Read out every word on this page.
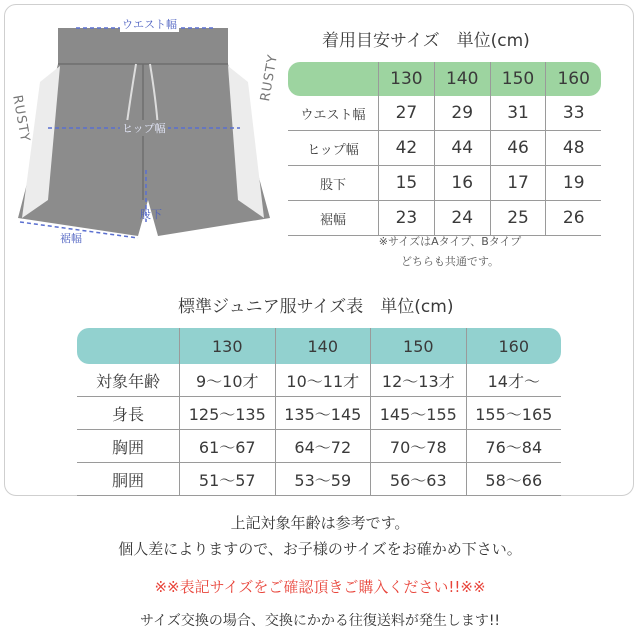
ウエスト幅
ヒップ幅
股下
裾幅
RUSTY
RUSTY
着用目安サイズ　単位(cm)
	130	140	150	160
ウエスト幅	27	29	31	33
ヒップ幅	42	44	46	48
股下	15	16	17	19
裾幅	23	24	25	26
※サイズはAタイプ、Bタイプ
どちらも共通です。
標準ジュニア服サイズ表　単位(cm)
	130	140	150	160
対象年齢	9〜10才	10〜11才	12〜13才	14才〜
身長	125〜135	135〜145	145〜155	155〜165
胸囲	61〜67	64〜72	70〜78	76〜84
胴囲	51〜57	53〜59	56〜63	58〜66
上記対象年齢は参考です。
個人差によりますので、お子様のサイズをお確かめ下さい。
※※表記サイズをご確認頂きご購入ください!!※※
サイズ交換の場合、交換にかかる往復送料が発生します!!
